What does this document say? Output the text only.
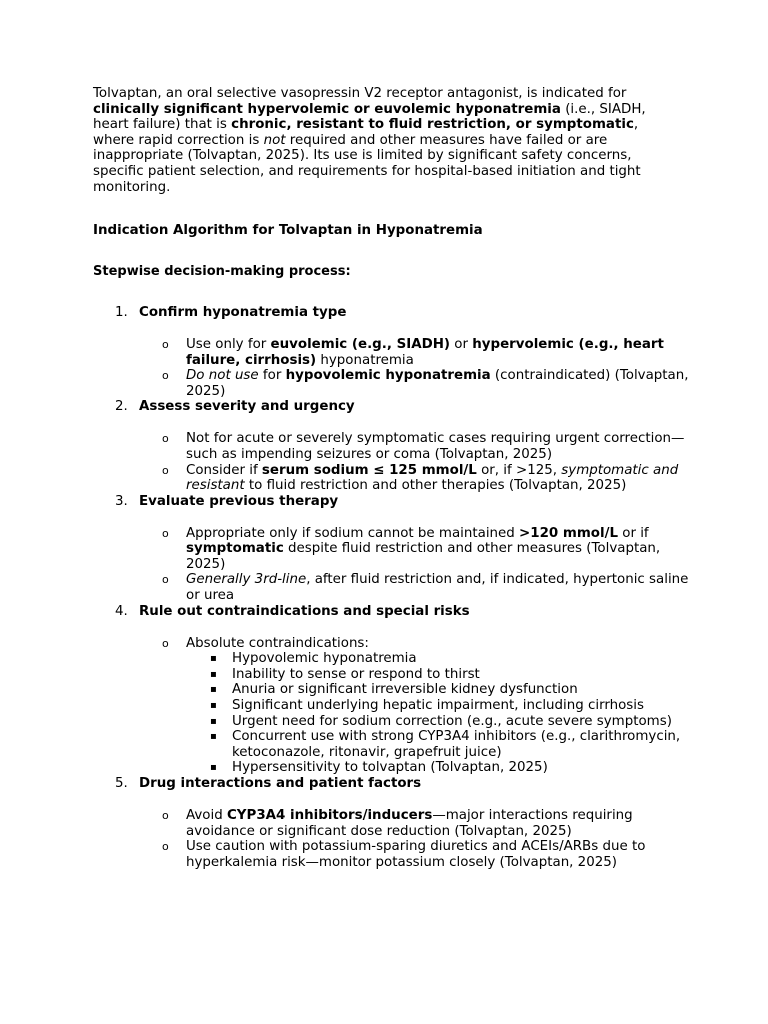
Tolvaptan, an oral selective vasopressin V2 receptor antagonist, is indicated for clinically significant hypervolemic or euvolemic hyponatremia (i.e., SIADH, heart failure) that is chronic, resistant to fluid restriction, or symptomatic, where rapid correction is not required and other measures have failed or are inappropriate (Tolvaptan, 2025). Its use is limited by significant safety concerns, specific patient selection, and requirements for hospital-based initiation and tight monitoring.

Indication Algorithm for Tolvaptan in Hyponatremia

Stepwise decision-making process:

1. Confirm hyponatremia type
o Use only for euvolemic (e.g., SIADH) or hypervolemic (e.g., heart failure, cirrhosis) hyponatremia
o Do not use for hypovolemic hyponatremia (contraindicated) (Tolvaptan, 2025)
2. Assess severity and urgency
o Not for acute or severely symptomatic cases requiring urgent correction—such as impending seizures or coma (Tolvaptan, 2025)
o Consider if serum sodium ≤ 125 mmol/L or, if >125, symptomatic and resistant to fluid restriction and other therapies (Tolvaptan, 2025)
3. Evaluate previous therapy
o Appropriate only if sodium cannot be maintained >120 mmol/L or if symptomatic despite fluid restriction and other measures (Tolvaptan, 2025)
o Generally 3rd-line, after fluid restriction and, if indicated, hypertonic saline or urea
4. Rule out contraindications and special risks
o Absolute contraindications:
▪ Hypovolemic hyponatremia
▪ Inability to sense or respond to thirst
▪ Anuria or significant irreversible kidney dysfunction
▪ Significant underlying hepatic impairment, including cirrhosis
▪ Urgent need for sodium correction (e.g., acute severe symptoms)
▪ Concurrent use with strong CYP3A4 inhibitors (e.g., clarithromycin, ketoconazole, ritonavir, grapefruit juice)
▪ Hypersensitivity to tolvaptan (Tolvaptan, 2025)
5. Drug interactions and patient factors
o Avoid CYP3A4 inhibitors/inducers—major interactions requiring avoidance or significant dose reduction (Tolvaptan, 2025)
o Use caution with potassium-sparing diuretics and ACEIs/ARBs due to hyperkalemia risk—monitor potassium closely (Tolvaptan, 2025)
